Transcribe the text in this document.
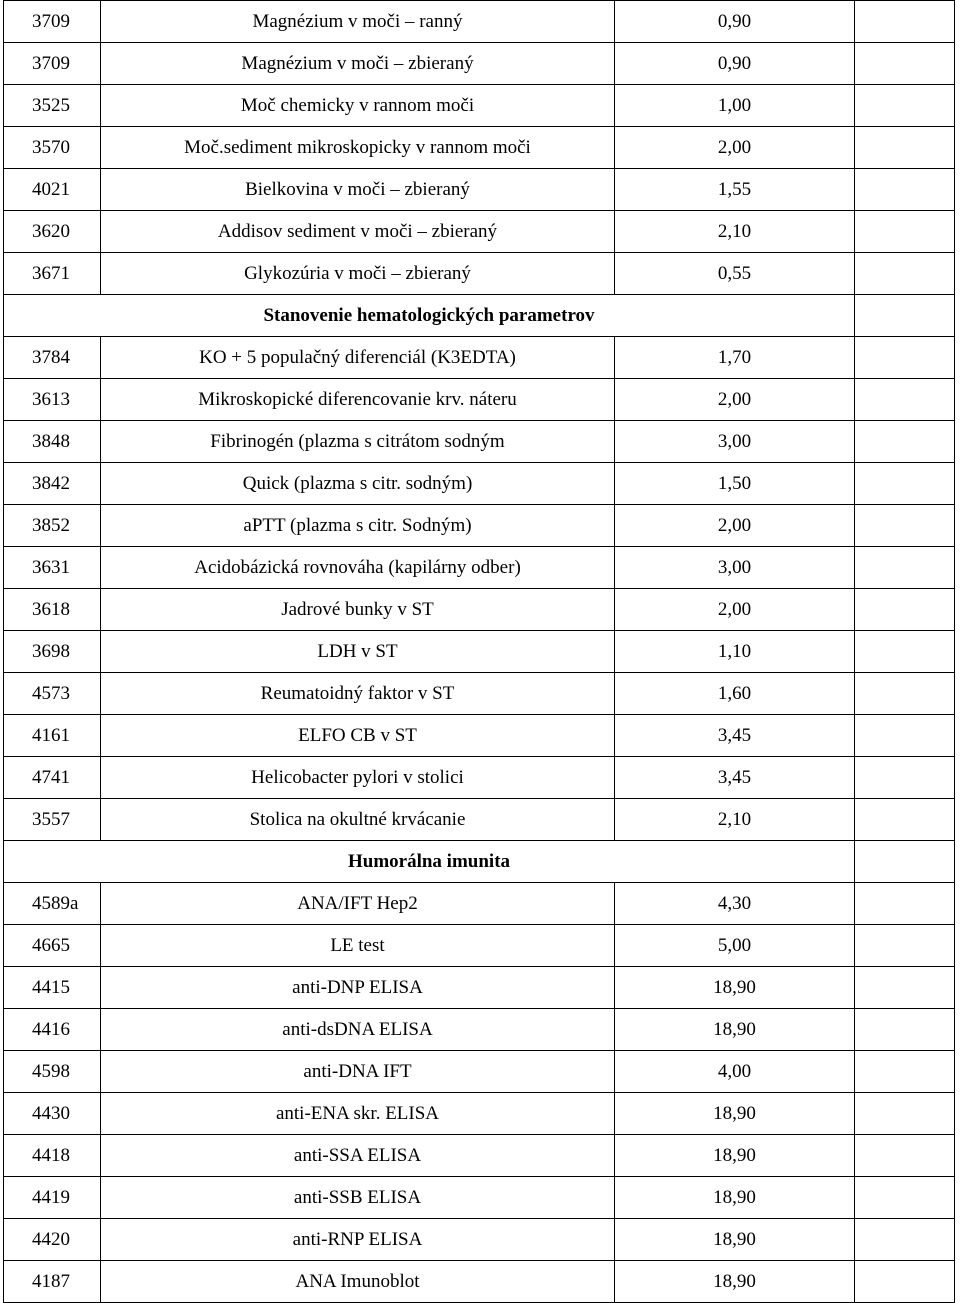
3709	Magnézium v moči – ranný	0,90	
3709	Magnézium v moči – zbieraný	0,90	
3525	Moč chemicky v rannom moči	1,00	
3570	Moč.sediment mikroskopicky v rannom moči	2,00	
4021	Bielkovina v moči – zbieraný	1,55	
3620	Addisov sediment v moči – zbieraný	2,10	
3671	Glykozúria v moči – zbieraný	0,55	
Stanovenie hematologických parametrov			
3784	KO + 5 populačný diferenciál (K3EDTA)	1,70	
3613	Mikroskopické diferencovanie krv. náteru	2,00	
3848	Fibrinogén (plazma s citrátom sodným	3,00	
3842	Quick (plazma s citr. sodným)	1,50	
3852	aPTT (plazma s citr. Sodným)	2,00	
3631	Acidobázická rovnováha (kapilárny odber)	3,00	
3618	Jadrové bunky v ST	2,00	
3698	LDH v ST	1,10	
4573	Reumatoidný faktor v ST	1,60	
4161	ELFO CB v ST	3,45	
4741	Helicobacter pylori v stolici	3,45	
3557	Stolica na okultné krvácanie	2,10	
Humorálna imunita			
4589a	ANA/IFT Hep2	4,30	
4665	LE test	5,00	
4415	anti-DNP ELISA	18,90	
4416	anti-dsDNA ELISA	18,90	
4598	anti-DNA IFT	4,00	
4430	anti-ENA skr. ELISA	18,90	
4418	anti-SSA ELISA	18,90	
4419	anti-SSB ELISA	18,90	
4420	anti-RNP ELISA	18,90	
4187	ANA Imunoblot	18,90	
